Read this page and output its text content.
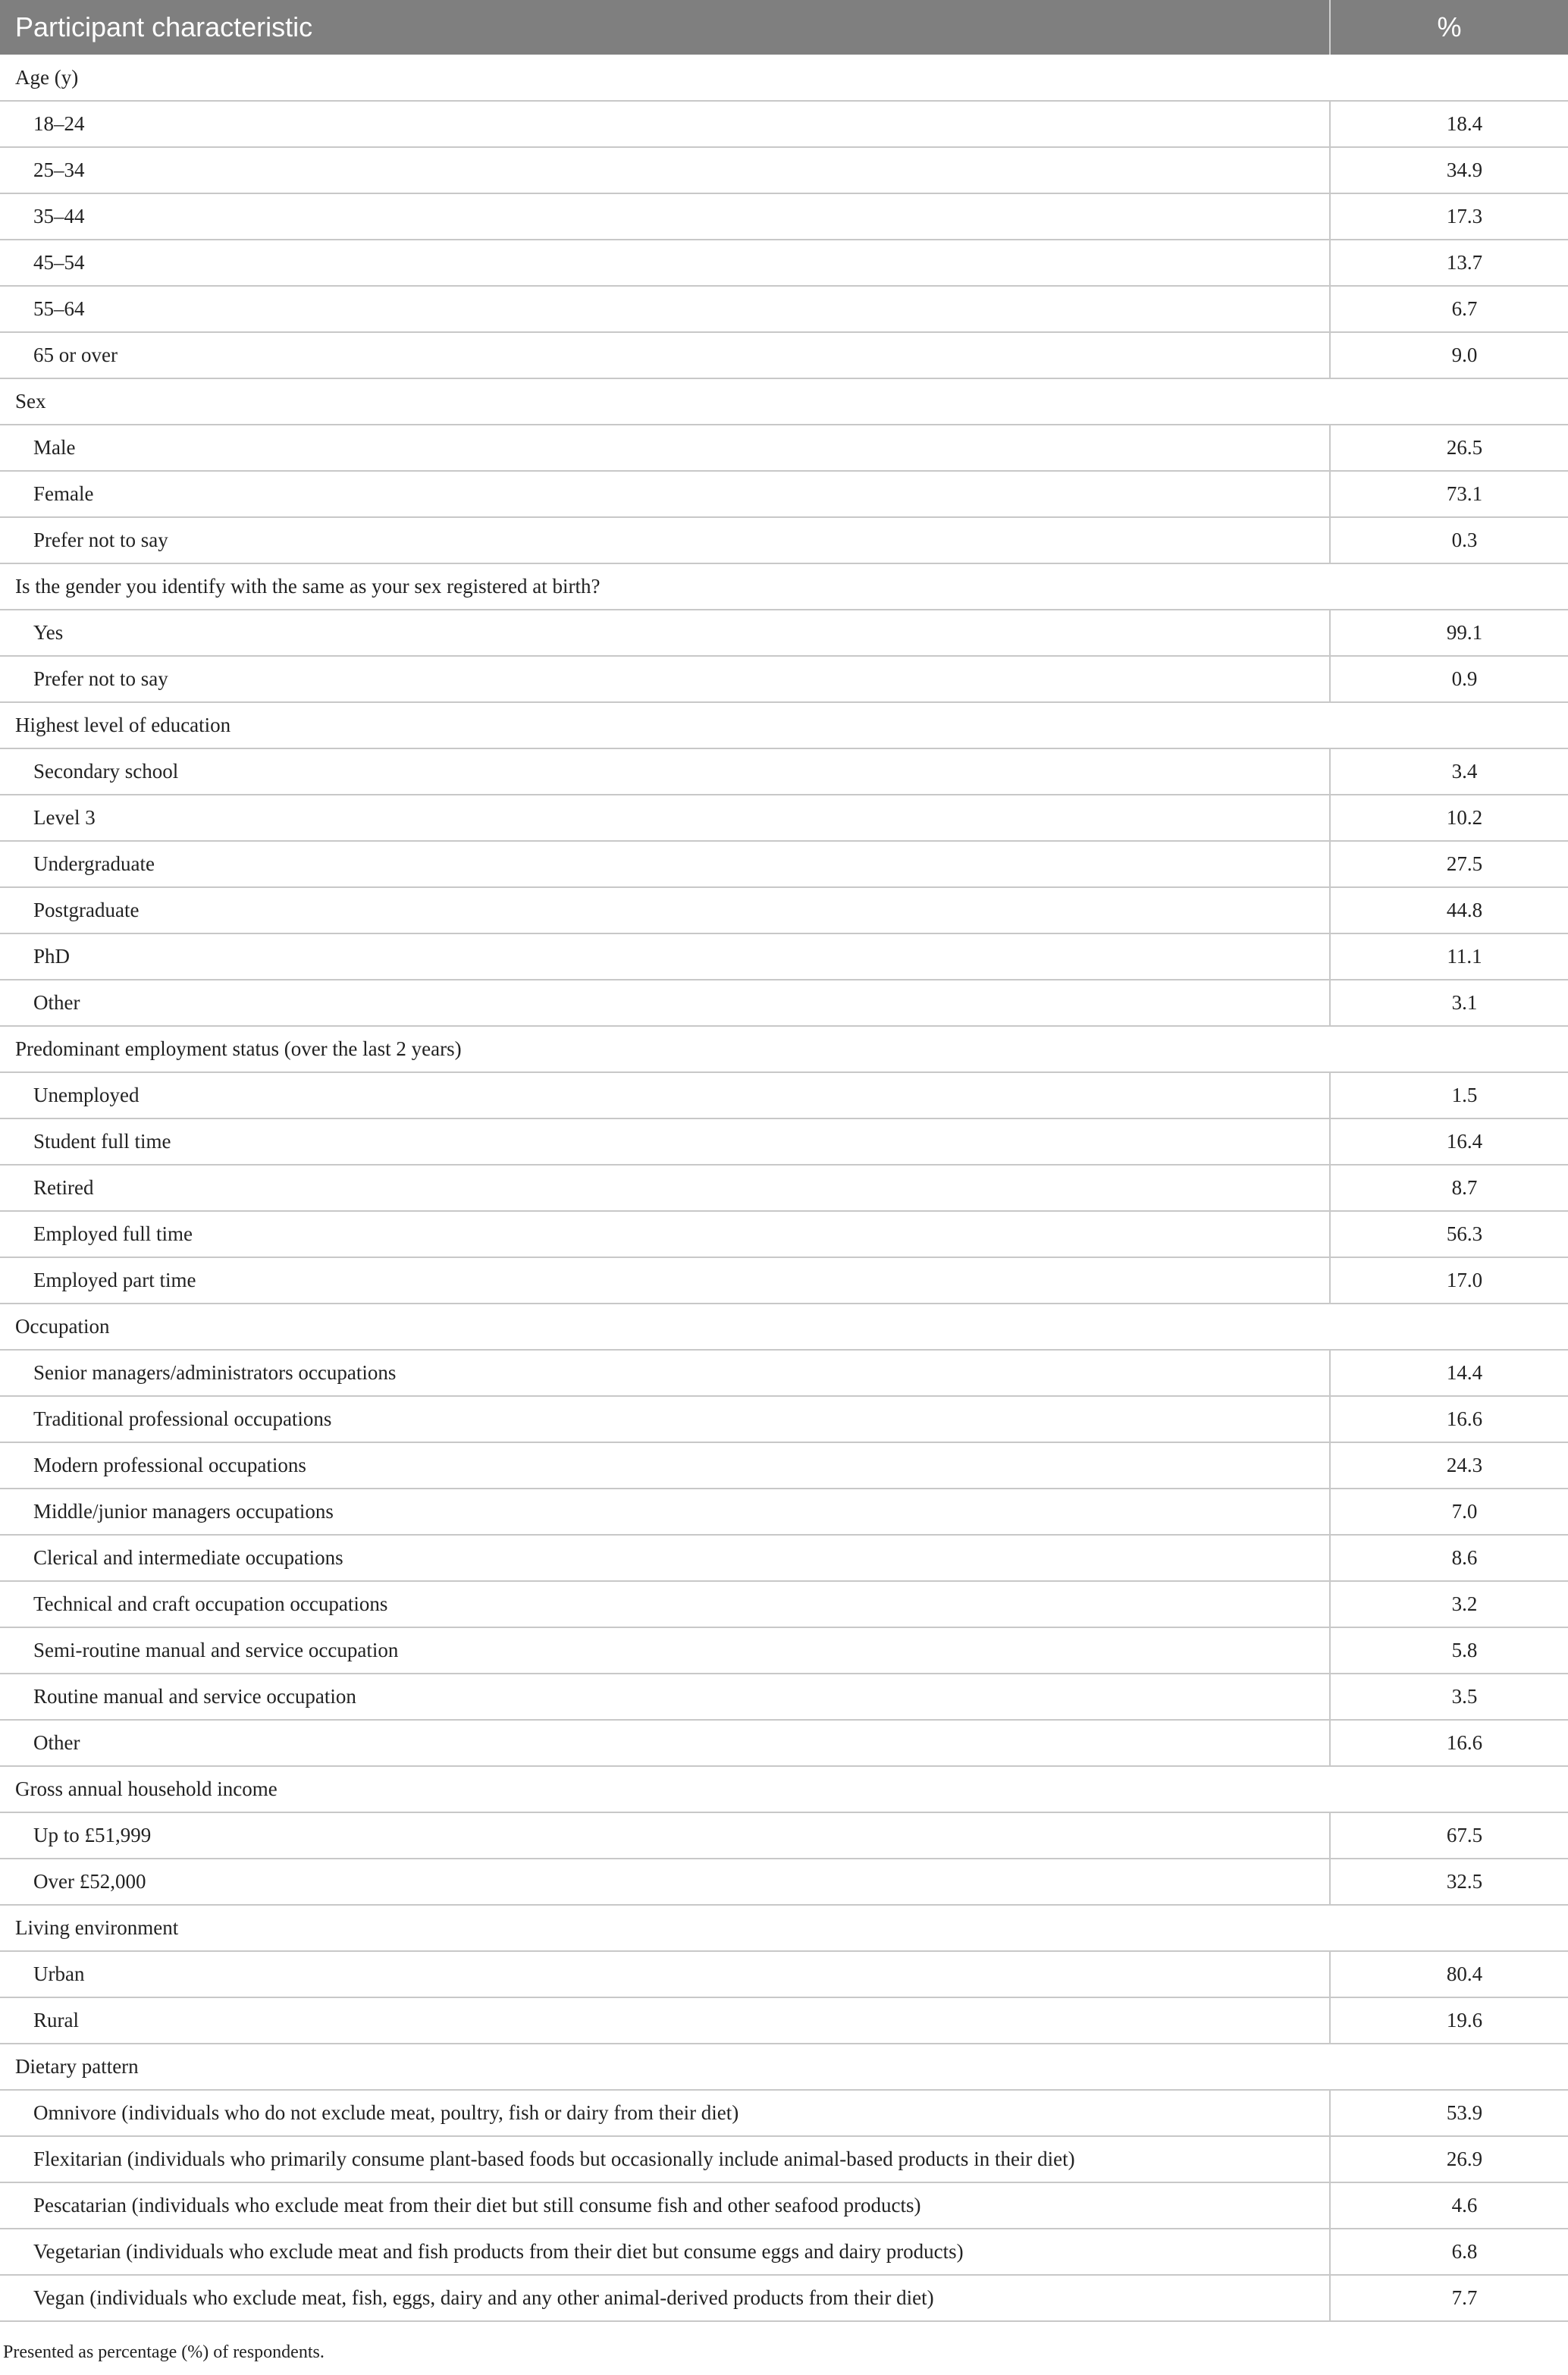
Participant characteristic	%
Age (y)	
18–24	18.4
25–34	34.9
35–44	17.3
45–54	13.7
55–64	6.7
65 or over	9.0
Sex	
Male	26.5
Female	73.1
Prefer not to say	0.3
Is the gender you identify with the same as your sex registered at birth?	
Yes	99.1
Prefer not to say	0.9
Highest level of education	
Secondary school	3.4
Level 3	10.2
Undergraduate	27.5
Postgraduate	44.8
PhD	11.1
Other	3.1
Predominant employment status (over the last 2 years)	
Unemployed	1.5
Student full time	16.4
Retired	8.7
Employed full time	56.3
Employed part time	17.0
Occupation	
Senior managers/administrators occupations	14.4
Traditional professional occupations	16.6
Modern professional occupations	24.3
Middle/junior managers occupations	7.0
Clerical and intermediate occupations	8.6
Technical and craft occupation occupations	3.2
Semi-routine manual and service occupation	5.8
Routine manual and service occupation	3.5
Other	16.6
Gross annual household income	
Up to £51,999	67.5
Over £52,000	32.5
Living environment	
Urban	80.4
Rural	19.6
Dietary pattern	
Omnivore (individuals who do not exclude meat, poultry, fish or dairy from their diet)	53.9
Flexitarian (individuals who primarily consume plant-based foods but occasionally include animal-based products in their diet)	26.9
Pescatarian (individuals who exclude meat from their diet but still consume fish and other seafood products)	4.6
Vegetarian (individuals who exclude meat and fish products from their diet but consume eggs and dairy products)	6.8
Vegan (individuals who exclude meat, fish, eggs, dairy and any other animal-derived products from their diet)	7.7
Presented as percentage (%) of respondents.
